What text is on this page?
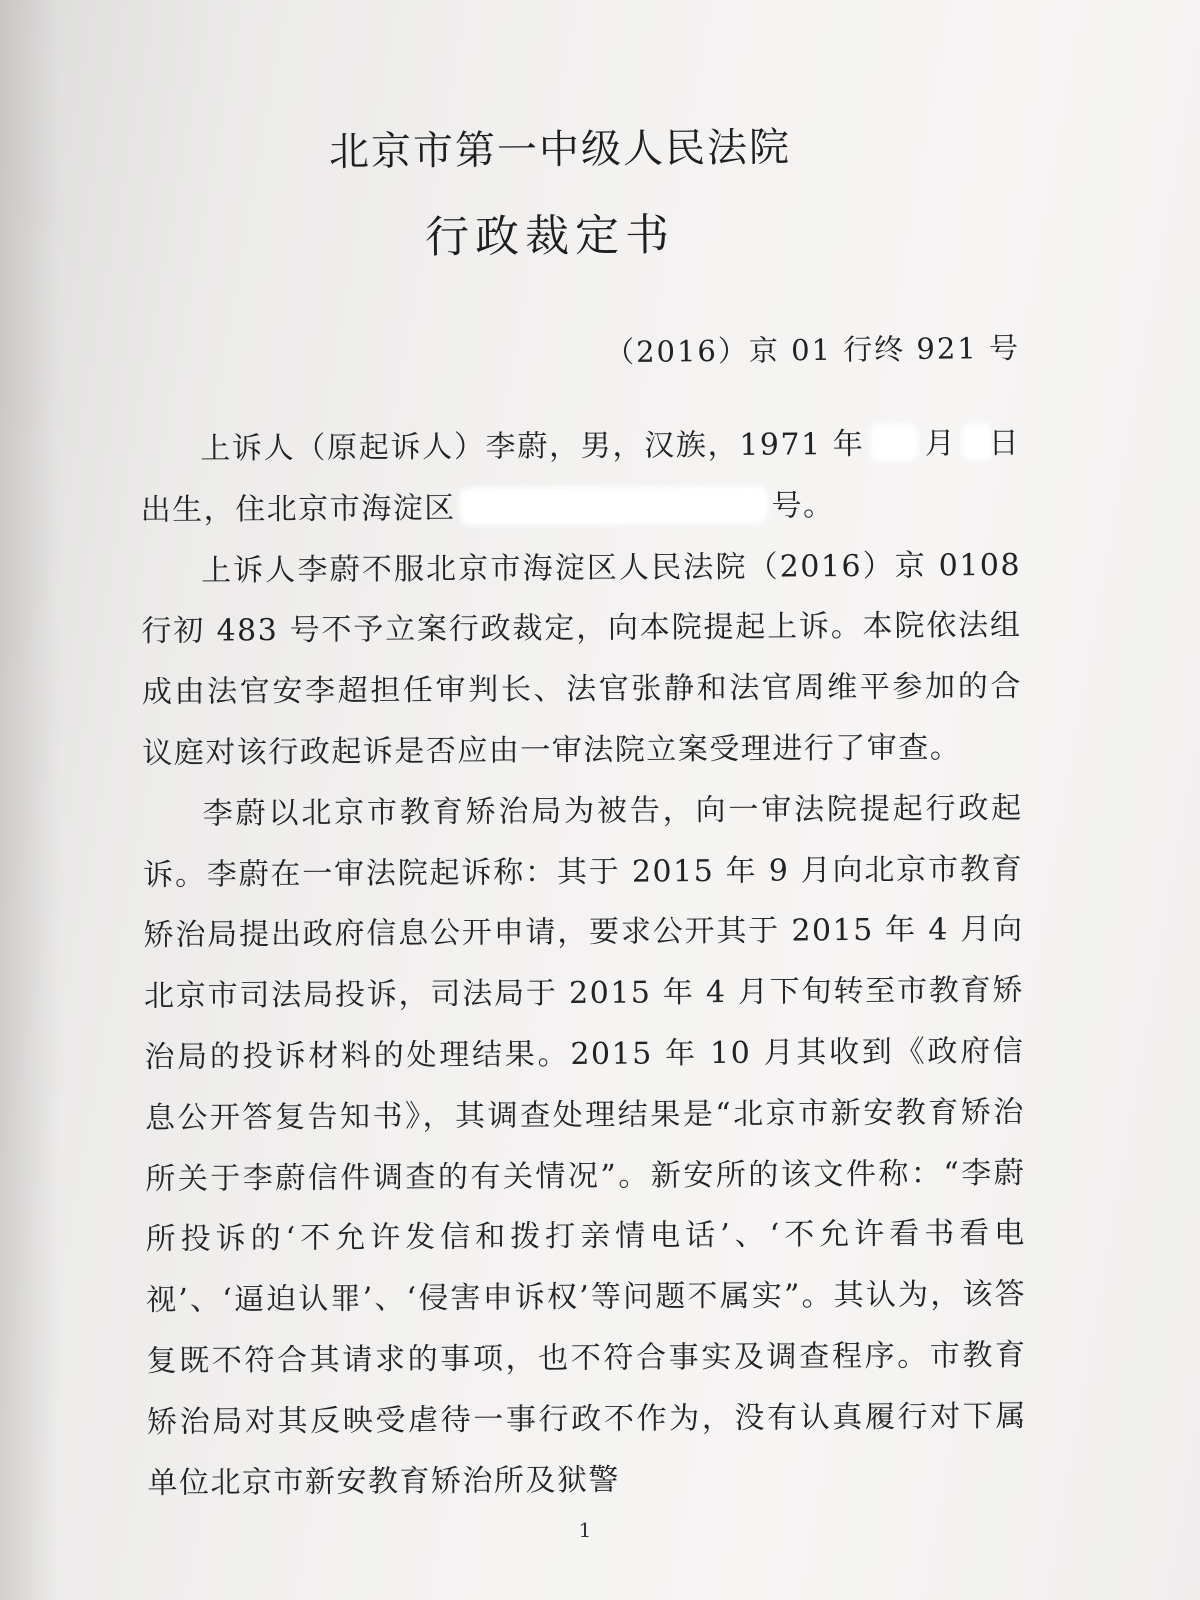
北京市第一中级人民法院
行政裁定书
（2016）京 01 行终 921 号

上诉人（原起诉人）李蔚，男，汉族，1971 年 月 日出生，住北京市海淀区	号。

上诉人李蔚不服北京市海淀区人民法院（2016）京 0108 行初 483 号不予立案行政裁定，向本院提起上诉。本院依法组成由法官安李超担任审判长、法官张静和法官周维平参加的合议庭对该行政起诉是否应由一审法院立案受理进行了审查。

李蔚以北京市教育矫治局为被告，向一审法院提起行政起诉。李蔚在一审法院起诉称：其于 2015 年 9 月向北京市教育矫治局提出政府信息公开申请，要求公开其于 2015 年 4 月向北京市司法局投诉，司法局于 2015 年 4 月下旬转至市教育矫治局的投诉材料的处理结果。2015 年 10 月其收到《政府信息公开答复告知书》，其调查处理结果是“北京市新安教育矫治所关于李蔚信件调查的有关情况”。新安所的该文件称：“李蔚所投诉的‘不允许发信和拨打亲情电话’、‘不允许看书看电视’、‘逼迫认罪’、‘侵害申诉权’等问题不属实”。其认为，该答复既不符合其请求的事项，也不符合事实及调查程序。市教育矫治局对其反映受虐待一事行政不作为，没有认真履行对下属单位北京市新安教育矫治所及狱警

1
